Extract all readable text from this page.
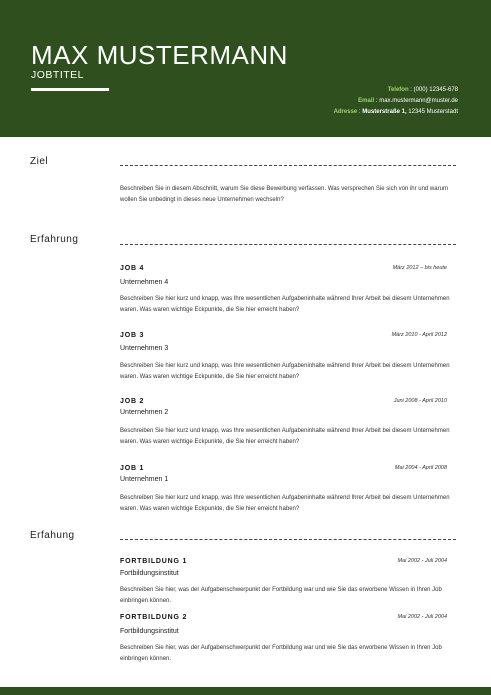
MAX MUSTERMANN
JOBTITEL
Telefon : (000) 12345-678
Email : max.mustermann@muster.de
Adresse : Musterstraße 1, 12345 Musterstadt
Ziel
Beschreiben Sie in diesem Abschnitt, warum Sie diese Bewerbung verfassen. Was versprechen Sie sich von ihr und warum wollen Sie unbedingt in dieses neue Unternehmen wechseln?
Erfahrung
JOB 4	März 2012 – bis heute
Unternehmen 4
Beschreiben Sie hier kurz und knapp, was Ihre wesentlichen Aufgabeninhalte während Ihrer Arbeit bei diesem Unternehmen waren. Was waren wichtige Eckpunkte, die Sie hier erreicht haben?
JOB 3	März 2010 - April 2012
Unternehmen 3
Beschreiben Sie hier kurz und knapp, was Ihre wesentlichen Aufgabeninhalte während Ihrer Arbeit bei diesem Unternehmen waren. Was waren wichtige Eckpunkte, die Sie hier erreicht haben?
JOB 2	Juni 2008 - April 2010
Unternehmen 2
Beschreiben Sie hier kurz und knapp, was Ihre wesentlichen Aufgabeninhalte während Ihrer Arbeit bei diesem Unternehmen waren. Was waren wichtige Eckpunkte, die Sie hier erreicht haben?
JOB 1	Mai 2004 - April 2008
Unternehmen 1
Beschreiben Sie hier kurz und knapp, was Ihre wesentlichen Aufgabeninhalte während Ihrer Arbeit bei diesem Unternehmen waren. Was waren wichtige Eckpunkte, die Sie hier erreicht haben?
Erfahung
FORTBILDUNG 1	Mai 2002 - Juli 2004
Fortbildungsinstitut
Beschreiben Sie hier, was der Aufgabenschwerpunkt der Fortbildung war und wie Sie das erworbene Wissen in Ihren Job einbringen können.
FORTBILDUNG 2	Mai 2002 - Juli 2004
Fortbildungsinstitut
Beschreiben Sie hier, was der Aufgabenschwerpunkt der Fortbildung war und wie Sie das erworbene Wissen in Ihren Job einbringen können.
